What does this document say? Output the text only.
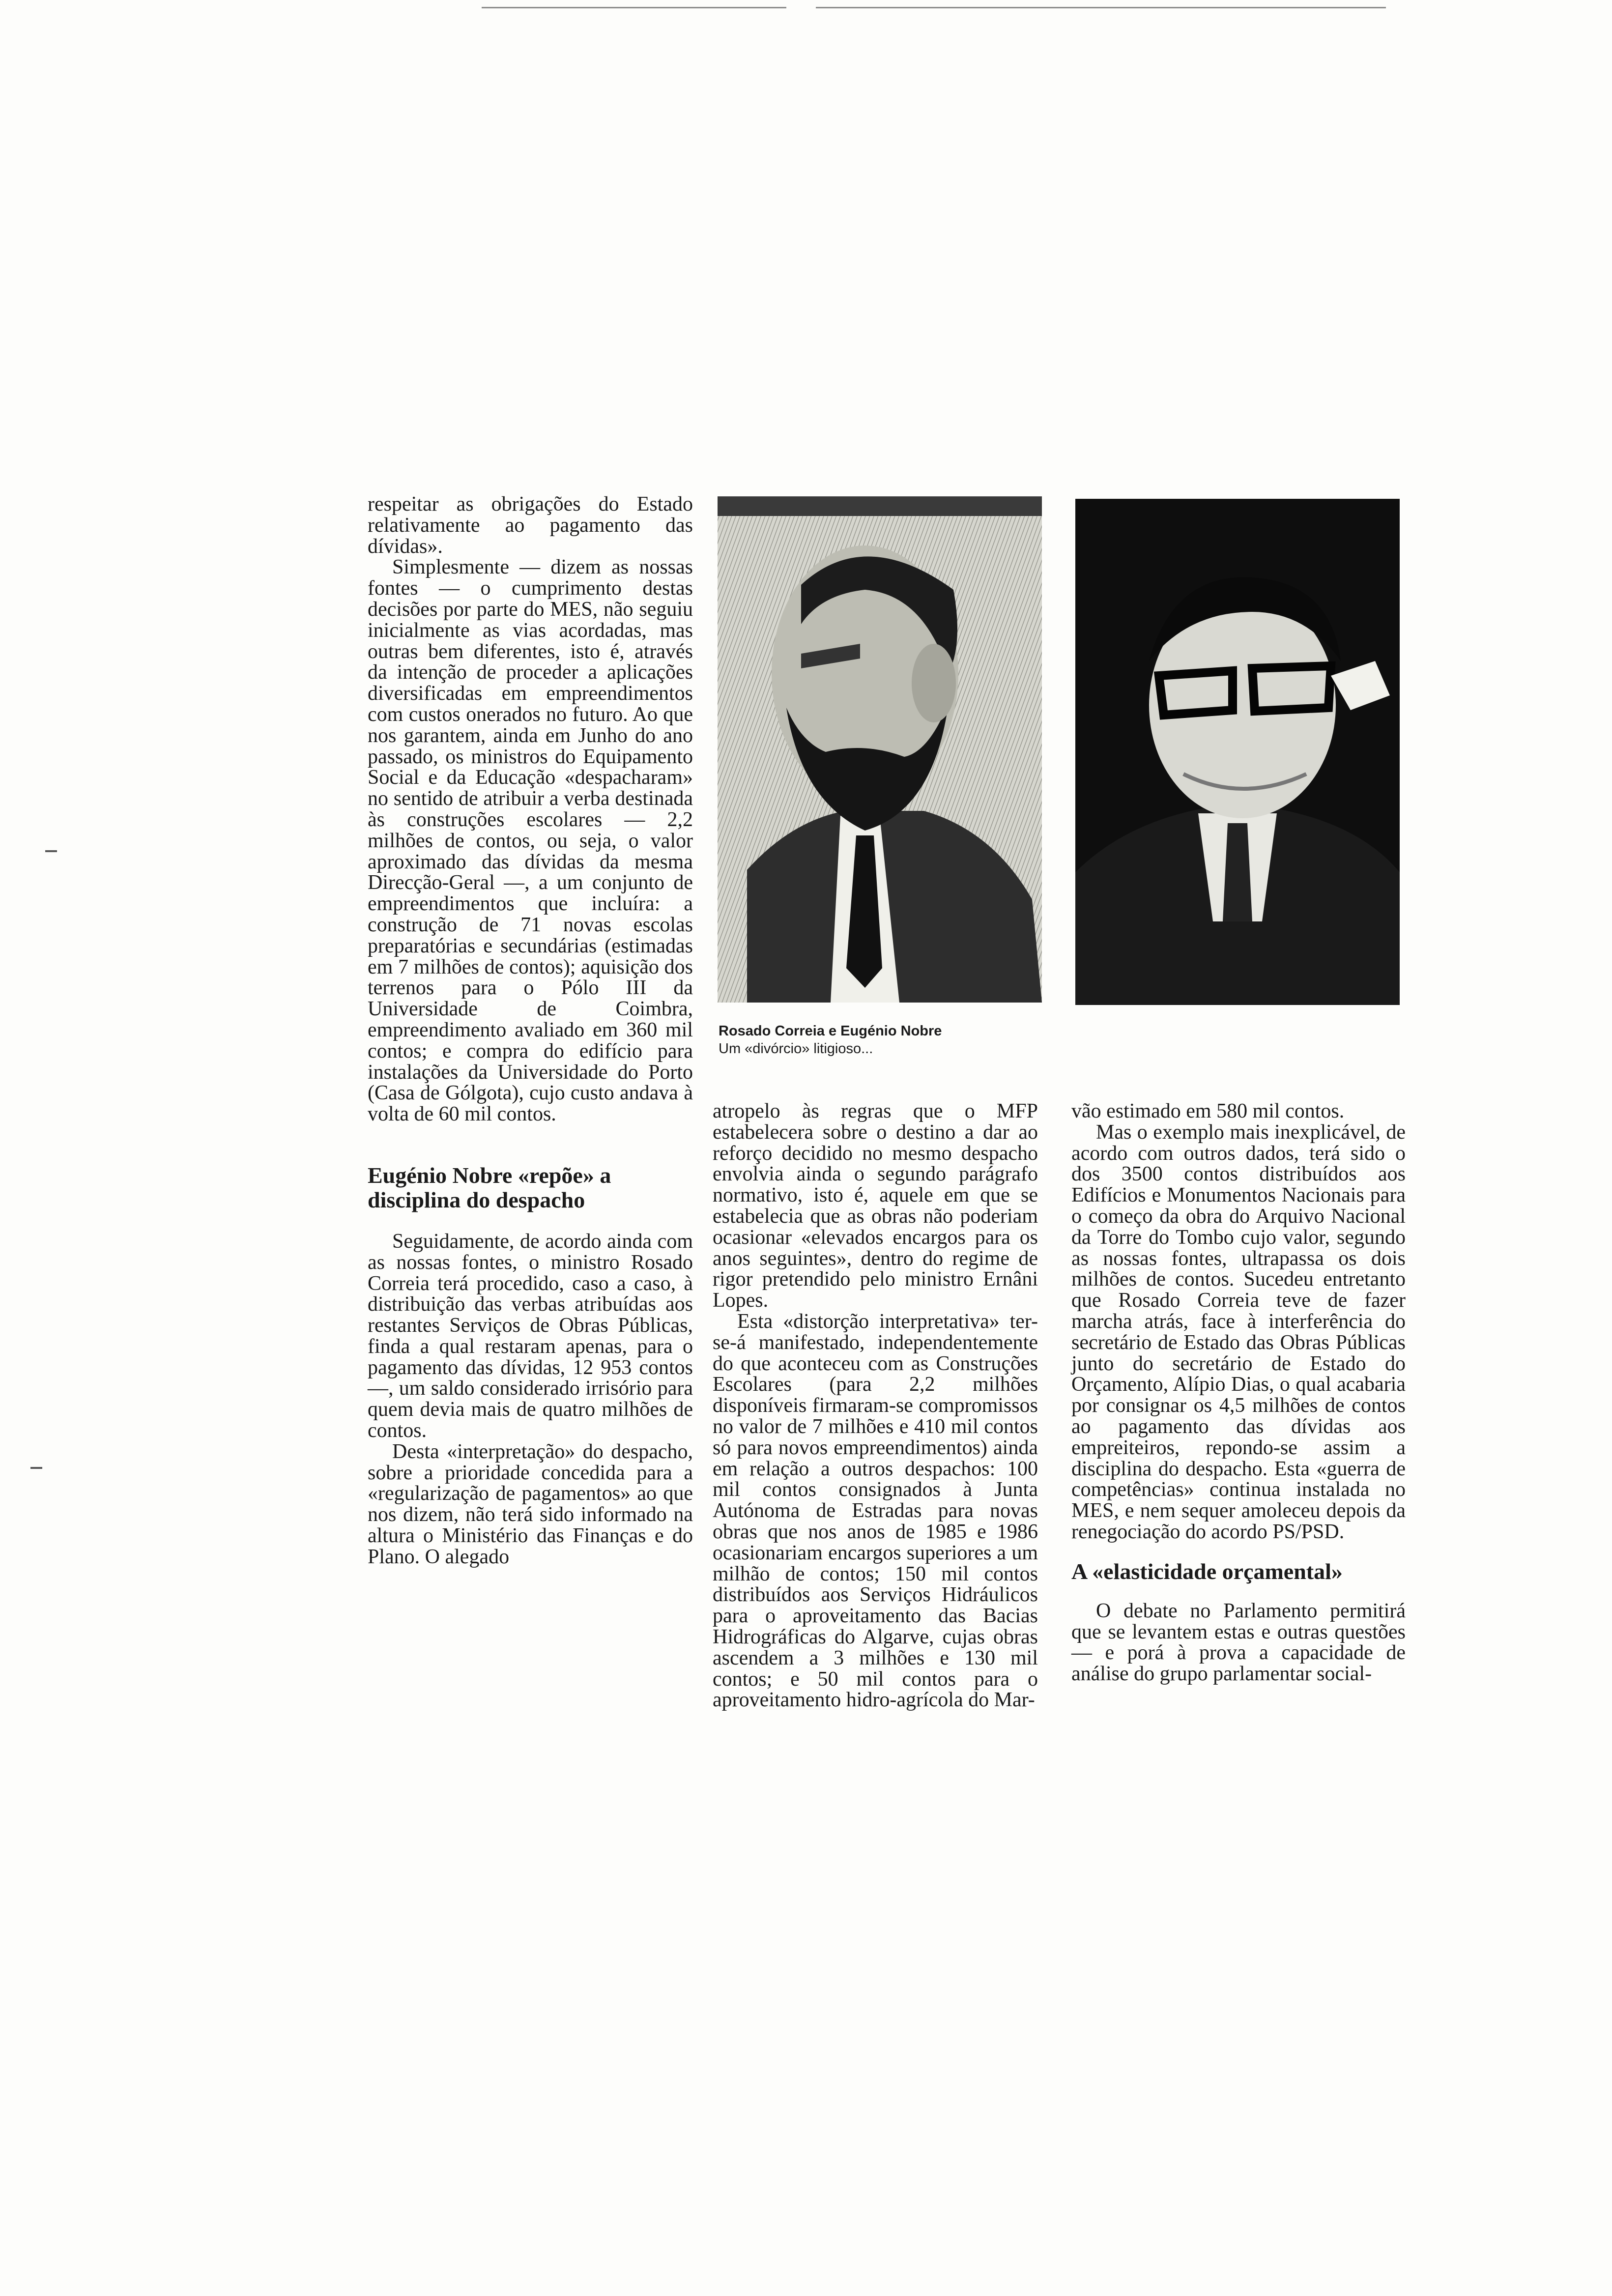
respeitar as obrigações do Estado relativamente ao pagamento das dívidas».

Simplesmente — dizem as nossas fontes — o cumprimento destas decisões por parte do MES, não seguiu inicialmente as vias acordadas, mas outras bem diferentes, isto é, através da intenção de proceder a aplicações diversificadas em empreendimentos com custos onerados no futuro. Ao que nos garantem, ainda em Junho do ano passado, os ministros do Equipamento Social e da Educação «despacharam» no sentido de atribuir a verba destinada às construções escolares — 2,2 milhões de contos, ou seja, o valor aproximado das dívidas da mesma Direcção-Geral —, a um conjunto de empreendimentos que incluíra: a construção de 71 novas escolas preparatórias e secundárias (estimadas em 7 milhões de contos); aquisição dos terrenos para o Pólo III da Universidade de Coimbra, empreendimento avaliado em 360 mil contos; e compra do edifício para instalações da Universidade do Porto (Casa de Gólgota), cujo custo andava à volta de 60 mil contos.

Eugénio Nobre «repõe» a disciplina do despacho

Seguidamente, de acordo ainda com as nossas fontes, o ministro Rosado Correia terá procedido, caso a caso, à distribuição das verbas atribuídas aos restantes Serviços de Obras Públicas, finda a qual restaram apenas, para o pagamento das dívidas, 12 953 contos —, um saldo considerado irrisório para quem devia mais de quatro milhões de contos.

Desta «interpretação» do despacho, sobre a prioridade concedida para a «regularização de pagamentos» ao que nos dizem, não terá sido informado na altura o Ministério das Finanças e do Plano. O alegado

Rosado Correia e Eugénio Nobre
Um «divórcio» litigioso...

atropelo às regras que o MFP estabelecera sobre o destino a dar ao reforço decidido no mesmo despacho envolvia ainda o segundo parágrafo normativo, isto é, aquele em que se estabelecia que as obras não poderiam ocasionar «elevados encargos para os anos seguintes», dentro do regime de rigor pretendido pelo ministro Ernâni Lopes.

Esta «distorção interpretativa» ter-se-á manifestado, independentemente do que aconteceu com as Construções Escolares (para 2,2 milhões disponíveis firmaram-se compromissos no valor de 7 milhões e 410 mil contos só para novos empreendimentos) ainda em relação a outros despachos: 100 mil contos consignados à Junta Autónoma de Estradas para novas obras que nos anos de 1985 e 1986 ocasionariam encargos superiores a um milhão de contos; 150 mil contos distribuídos aos Serviços Hidráulicos para o aproveitamento das Bacias Hidrográficas do Algarve, cujas obras ascendem a 3 milhões e 130 mil contos; e 50 mil contos para o aproveitamento hidro-agrícola do Mar-

vão estimado em 580 mil contos.

Mas o exemplo mais inexplicável, de acordo com outros dados, terá sido o dos 3500 contos distribuídos aos Edifícios e Monumentos Nacionais para o começo da obra do Arquivo Nacional da Torre do Tombo cujo valor, segundo as nossas fontes, ultrapassa os dois milhões de contos. Sucedeu entretanto que Rosado Correia teve de fazer marcha atrás, face à interferência do secretário de Estado das Obras Públicas junto do secretário de Estado do Orçamento, Alípio Dias, o qual acabaria por consignar os 4,5 milhões de contos ao pagamento das dívidas aos empreiteiros, repondo-se assim a disciplina do despacho. Esta «guerra de competências» continua instalada no MES, e nem sequer amoleceu depois da renegociação do acordo PS/PSD.

A «elasticidade orçamental»

O debate no Parlamento permitirá que se levantem estas e outras questões — e porá à prova a capacidade de análise do grupo parlamentar social-
